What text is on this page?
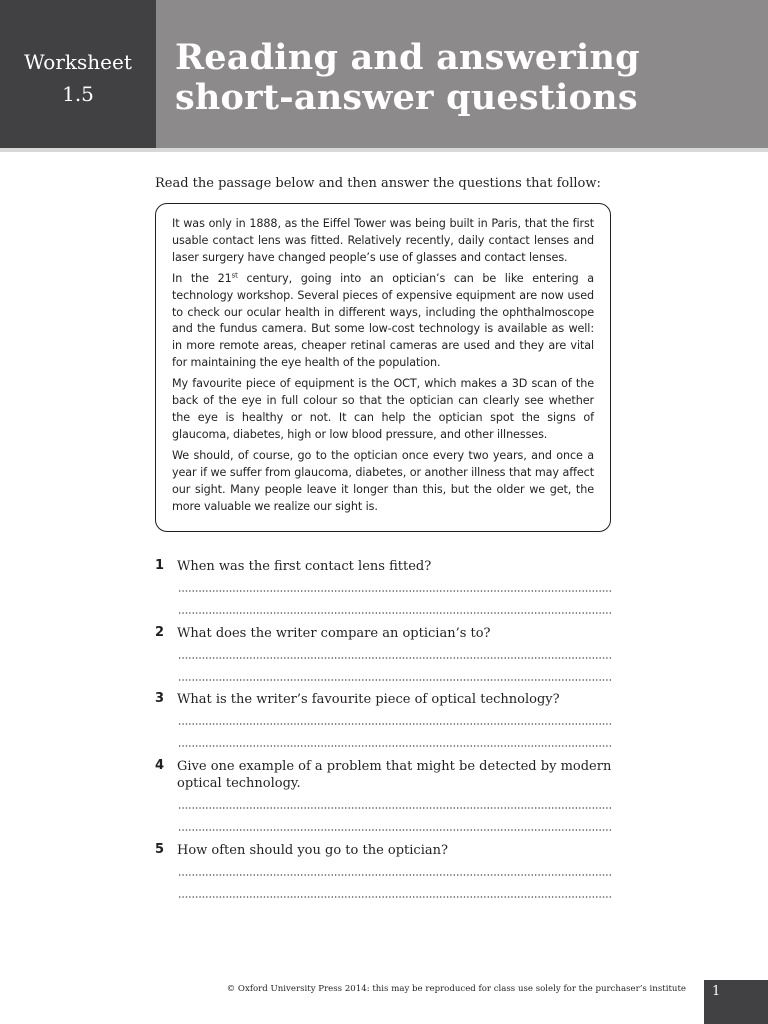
Worksheet
1.5
Reading and answering
short-answer questions
Read the passage below and then answer the questions that follow:

It was only in 1888, as the Eiffel Tower was being built in Paris, that the first usable contact lens was fitted. Relatively recently, daily contact lenses and laser surgery have changed people’s use of glasses and contact lenses.

In the 21st century, going into an optician’s can be like entering a technology workshop. Several pieces of expensive equipment are now used to check our ocular health in different ways, including the ophthalmoscope and the fundus camera. But some low-cost technology is available as well: in more remote areas, cheaper retinal cameras are used and they are vital for maintaining the eye health of the population.

My favourite piece of equipment is the OCT, which makes a 3D scan of the back of the eye in full colour so that the optician can clearly see whether the eye is healthy or not. It can help the optician spot the signs of glaucoma, diabetes, high or low blood pressure, and other illnesses.

We should, of course, go to the optician once every two years, and once a year if we suffer from glaucoma, diabetes, or another illness that may affect our sight. Many people leave it longer than this, but the older we get, the more valuable we realize our sight is.

1 When was the first contact lens fitted?
2 What does the writer compare an optician’s to?
3 What is the writer’s favourite piece of optical technology?
4 Give one example of a problem that might be detected by modern optical technology.
5 How often should you go to the optician?
© Oxford University Press 2014: this may be reproduced for class use solely for the purchaser’s institute 1
